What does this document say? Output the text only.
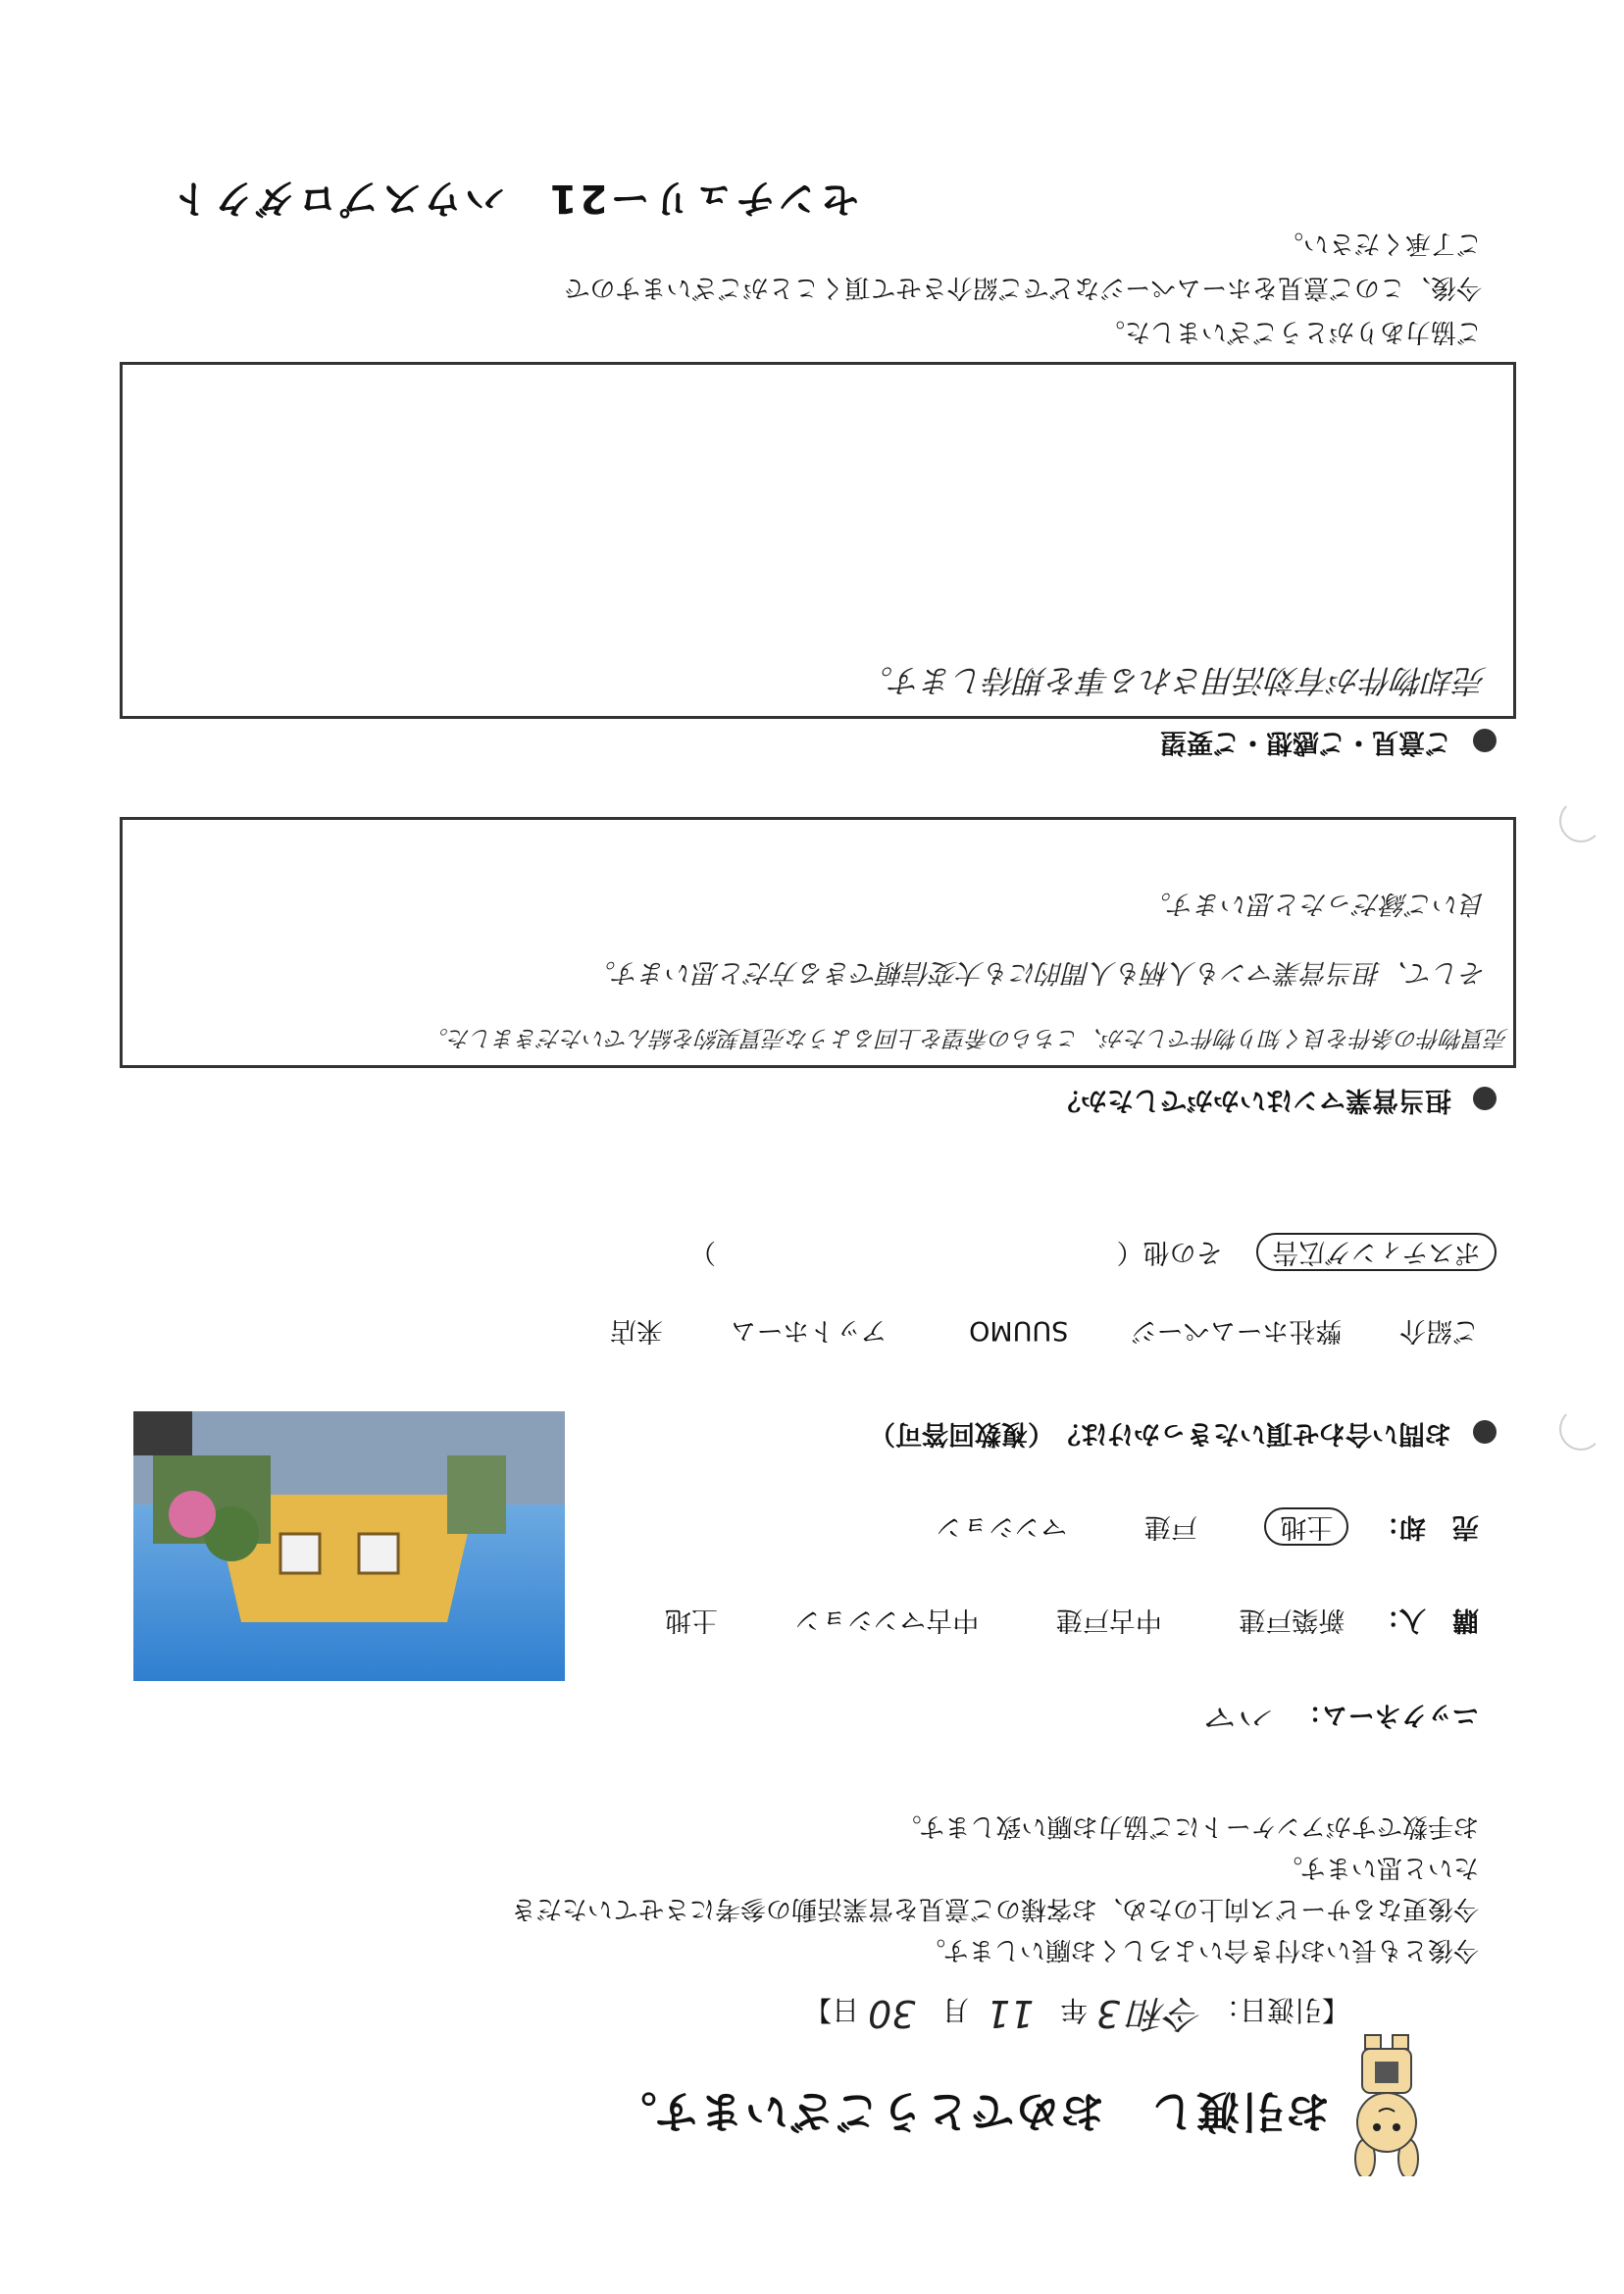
お引渡し　おめでとうございます。
【引渡日： 令和 3 年   11  月   30 日】
今後とも長いお付き合いよろしくお願いします。
今後更なるサービス向上のため、お客様のご意見を営業活動の参考にさせていただき
たいと思います。
お手数ですがアンケートにご協力お願い致します。
ニックネーム： ハマ
購　入： 新築戸建 中古戸建 中古マンション 土地
売　却： 土地 戸建 マンション
お問い合わせ頂いたきっかけは？（複数回答可）
ご紹介 弊社ホームページ SUUMO アットホーム 来店
ポスティング広告 その他（ ）
担当営業マンはいかがでしたか？
売買物件の条件を良く知り物件でしたが、こちらの希望を上回るような売買契約を結んでいただきました。
そして、担当営業マンも人柄も人間的にも大変信頼できる方だと思います。
良いご縁だったと思います。
ご意見・ご感想・ご要望
売却物件が有効活用される事を期待します。
ご協力ありがとうございました。
今後、このご意見をホームページなどでご紹介させて頂くことがございますので
ご了承ください。
センチュリー21　ハウスプロダクト
